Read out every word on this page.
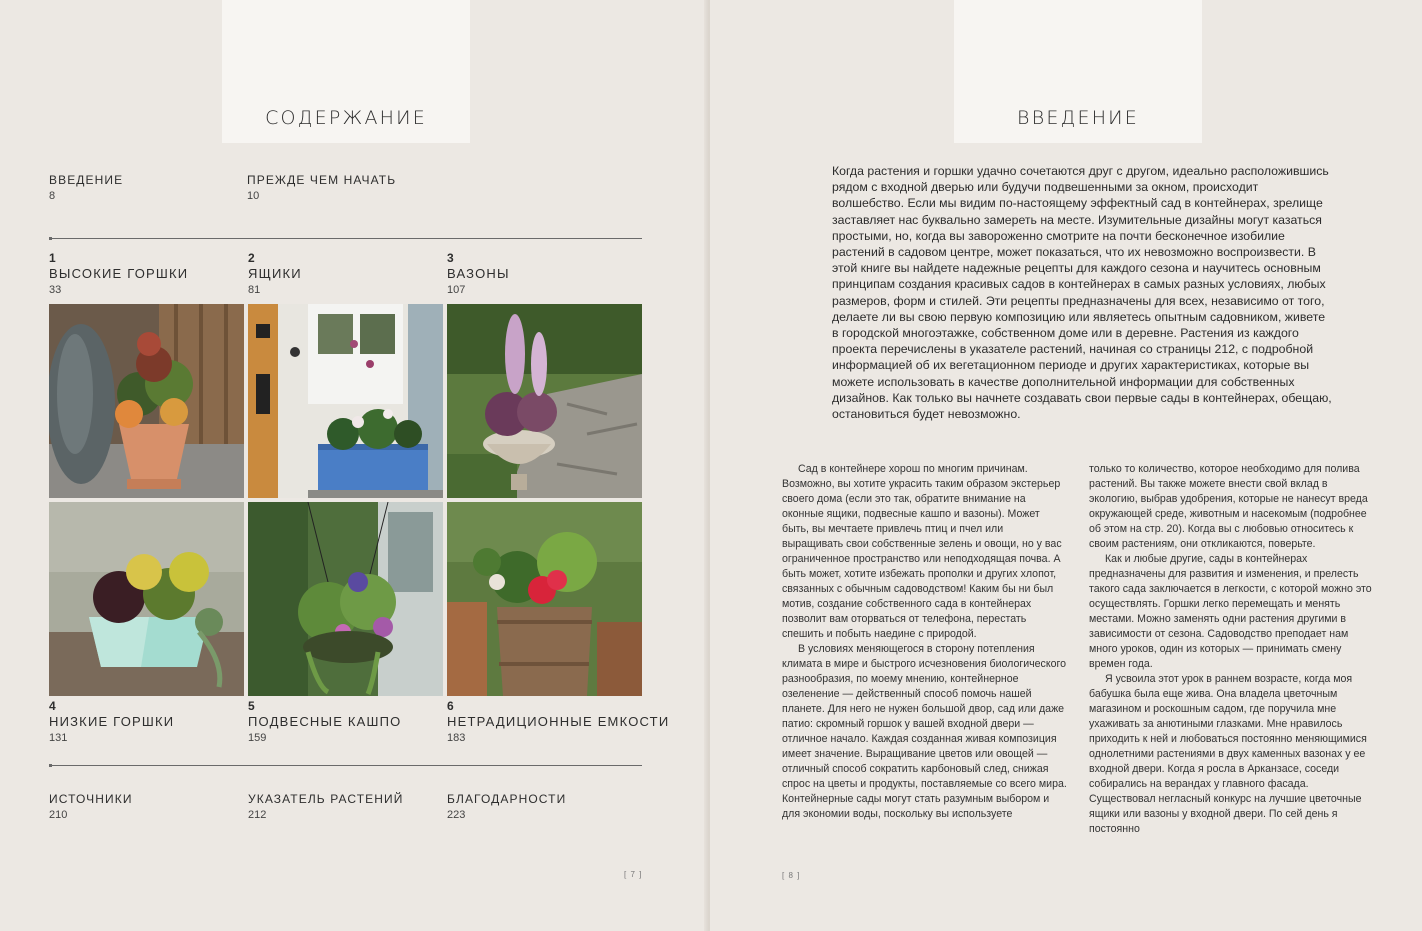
СОДЕРЖАНИЕ
ВВЕДЕНИЕ
8
ПРЕЖДЕ ЧЕМ НАЧАТЬ
10
1
ВЫСОКИЕ ГОРШКИ
33
2
ЯЩИКИ
81
3
ВАЗОНЫ
107
4
НИЗКИЕ ГОРШКИ
131
5
ПОДВЕСНЫЕ КАШПО
159
6
НЕТРАДИЦИОННЫЕ ЕМКОСТИ
183
ИСТОЧНИКИ
210
УКАЗАТЕЛЬ РАСТЕНИЙ
212
БЛАГОДАРНОСТИ
223
[ 7 ]
ВВЕДЕНИЕ

Когда растения и горшки удачно сочетаются друг с другом, идеально расположившись рядом с входной дверью или будучи подвешенными за окном, происходит волшебство. Если мы видим по-настоящему эффектный сад в контейнерах, зрелище заставляет нас буквально замереть на месте. Изумительные дизайны могут казаться простыми, но, когда вы завороженно смотрите на почти бесконечное изобилие растений в садовом центре, может показаться, что их невозможно воспроизвести. В этой книге вы найдете надежные рецепты для каждого сезона и научитесь основным принципам создания красивых садов в контейнерах в самых разных условиях, любых размеров, форм и стилей. Эти рецепты предназначены для всех, независимо от того, делаете ли вы свою первую композицию или являетесь опытным садовником, живете в городской многоэтажке, собственном доме или в деревне. Растения из каждого проекта перечислены в указателе растений, начиная со страницы 212, с подробной информацией об их вегетационном периоде и других характеристиках, которые вы можете использовать в качестве дополнительной информации для собственных дизайнов. Как только вы начнете создавать свои первые сады в контейнерах, обещаю, остановиться будет невозможно.

Сад в контейнере хорош по многим причинам. Возможно, вы хотите украсить таким образом экстерьер своего дома (если это так, обратите внимание на оконные ящики, подвесные кашпо и вазоны). Может быть, вы мечтаете привлечь птиц и пчел или выращивать свои собственные зелень и овощи, но у вас ограниченное пространство или неподходящая почва. А быть может, хотите избежать прополки и других хлопот, связанных с обычным садоводством! Каким бы ни был мотив, создание собственного сада в контейнерах позволит вам оторваться от телефона, перестать спешить и побыть наедине с природой.

В условиях меняющегося в сторону потепления климата в мире и быстрого исчезновения биологического разнообразия, по моему мнению, контейнерное озеленение — действенный способ помочь нашей планете. Для него не нужен большой двор, сад или даже патио: скромный горшок у вашей входной двери — отличное начало. Каждая созданная живая композиция имеет значение. Выращивание цветов или овощей — отличный способ сократить карбоновый след, снижая спрос на цветы и продукты, поставляемые со всего мира. Контейнерные сады могут стать разумным выбором и для экономии воды, поскольку вы используете

только то количество, которое необходимо для полива растений. Вы также можете внести свой вклад в экологию, выбрав удобрения, которые не нанесут вреда окружающей среде, животным и насекомым (подробнее об этом на стр. 20). Когда вы с любовью относитесь к своим растениям, они откликаются, поверьте.

Как и любые другие, сады в контейнерах предназначены для развития и изменения, и прелесть такого сада заключается в легкости, с которой можно это осуществлять. Горшки легко перемещать и менять местами. Можно заменять одни растения другими в зависимости от сезона. Садоводство преподает нам много уроков, один из которых — принимать смену времен года.

Я усвоила этот урок в раннем возрасте, когда моя бабушка была еще жива. Она владела цветочным магазином и роскошным садом, где поручила мне ухаживать за анютиными глазками. Мне нравилось приходить к ней и любоваться постоянно меняющимися однолетними растениями в двух каменных вазонах у ее входной двери. Когда я росла в Арканзасе, соседи собирались на верандах у главного фасада. Существовал негласный конкурс на лучшие цветочные ящики или вазоны у входной двери. По сей день я постоянно

[ 8 ]
